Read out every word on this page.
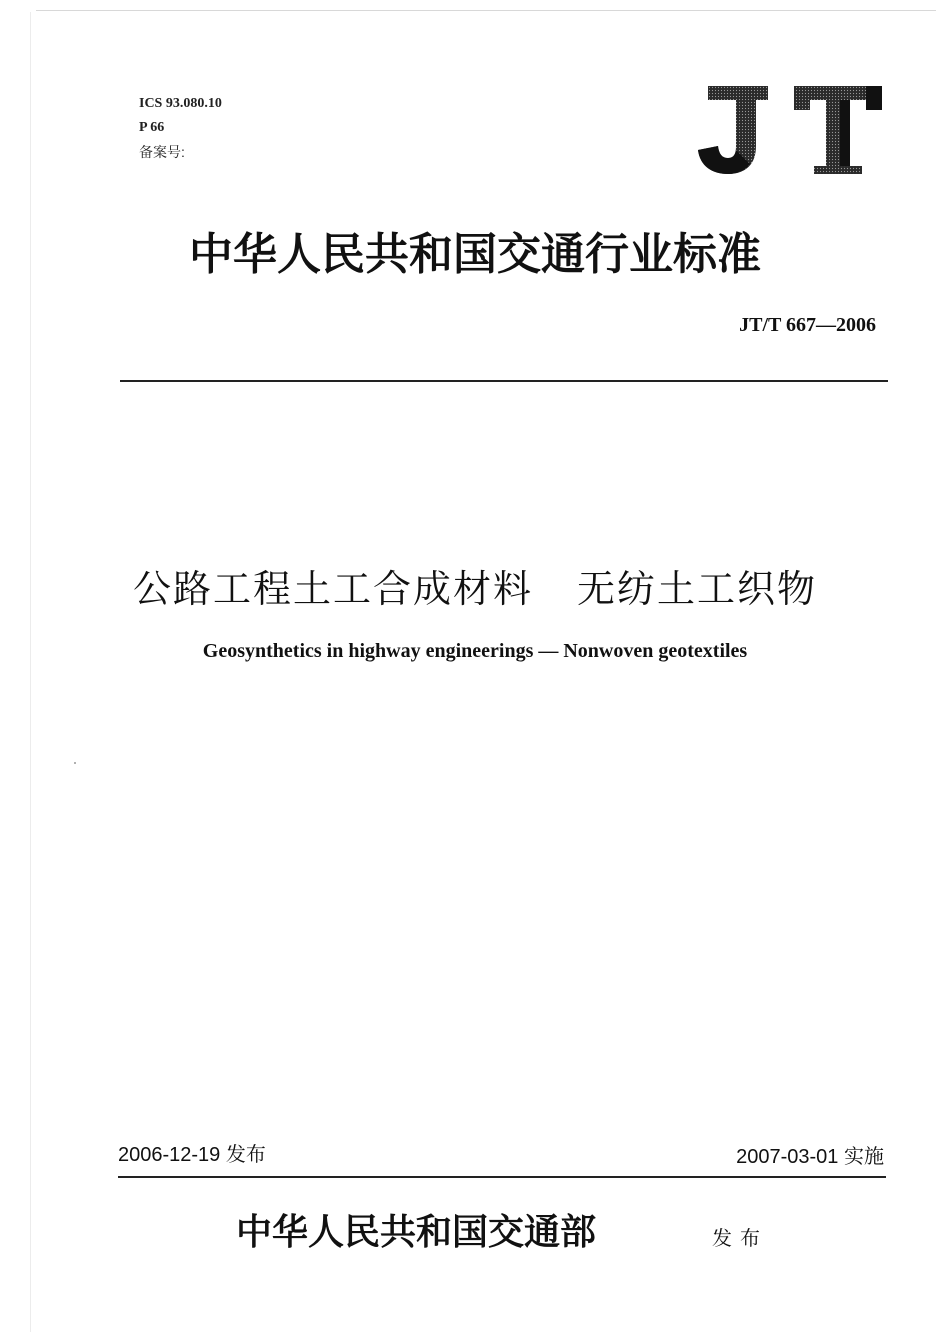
ICS 93.080.10
P 66
备案号:
中华人民共和国交通行业标准
JT/T 667—2006
公路工程土工合成材料 无纺土工织物
Geosynthetics in highway engineerings — Nonwoven geotextiles
2006-12-19 发布	2007-03-01 实施
中华人民共和国交通部	发布
